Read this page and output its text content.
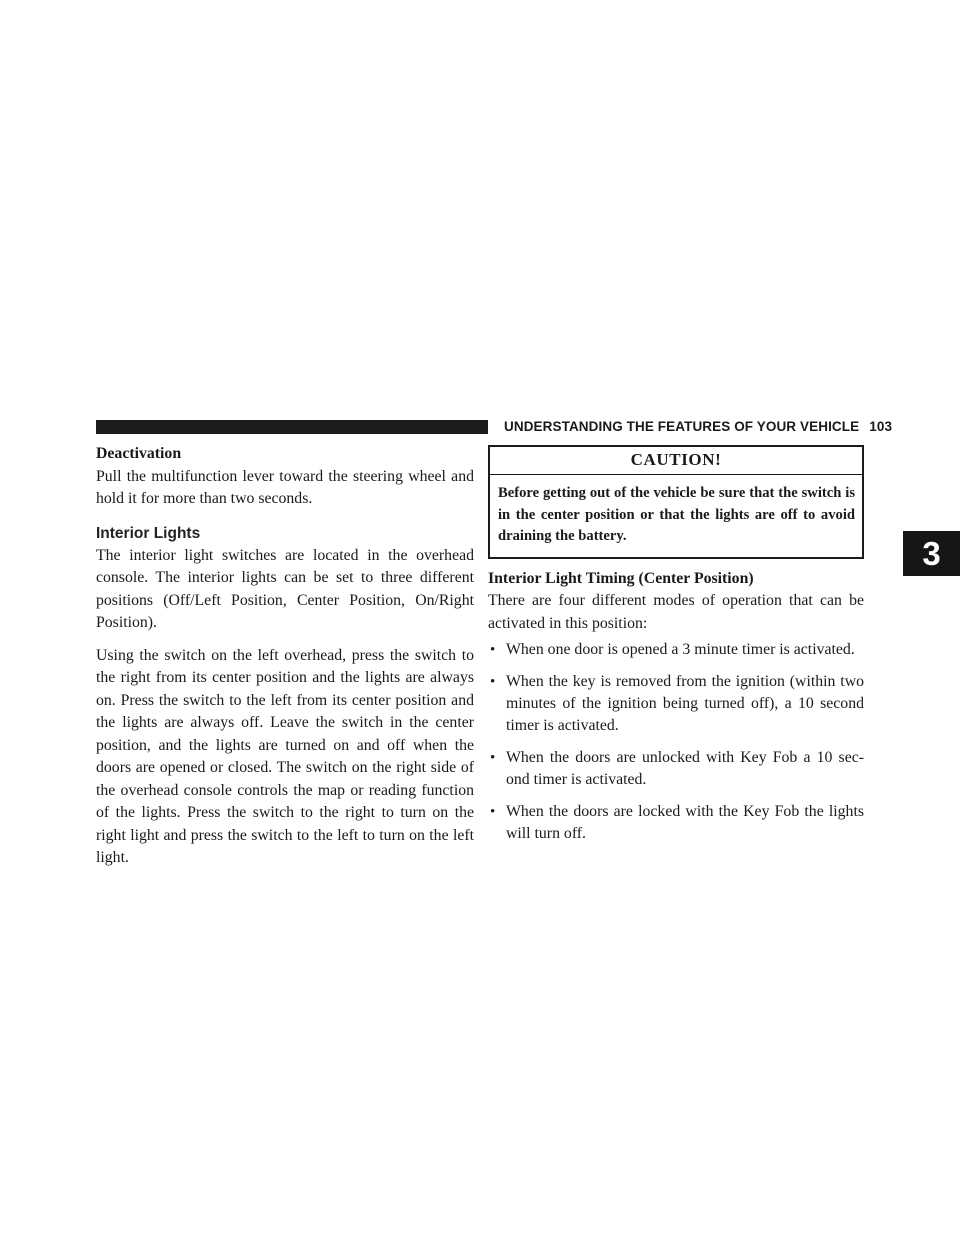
UNDERSTANDING THE FEATURES OF YOUR VEHICLE 103
3

Deactivation

Pull the multifunction lever toward the steering wheel and hold it for more than two seconds.

Interior Lights

The interior light switches are located in the overhead console. The interior lights can be set to three different positions (Off/Left Position, Center Position, On/Right Position).

Using the switch on the left overhead, press the switch to the right from its center position and the lights are always on. Press the switch to the left from its center position and the lights are always off. Leave the switch in the center position, and the lights are turned on and off when the doors are opened or closed. The switch on the right side of the overhead console controls the map or reading function of the lights. Press the switch to the right to turn on the right light and press the switch to the left to turn on the left light.

CAUTION!
Before getting out of the vehicle be sure that the switch is in the center position or that the lights are off to avoid draining the battery.

Interior Light Timing (Center Position)

There are four different modes of operation that can be activated in this position:

• When one door is opened a 3 minute timer is activated.
• When the key is removed from the ignition (within two minutes of the ignition being turned off), a 10 second timer is activated.
• When the doors are unlocked with Key Fob a 10 sec-ond timer is activated.
• When the doors are locked with the Key Fob the lights will turn off.
